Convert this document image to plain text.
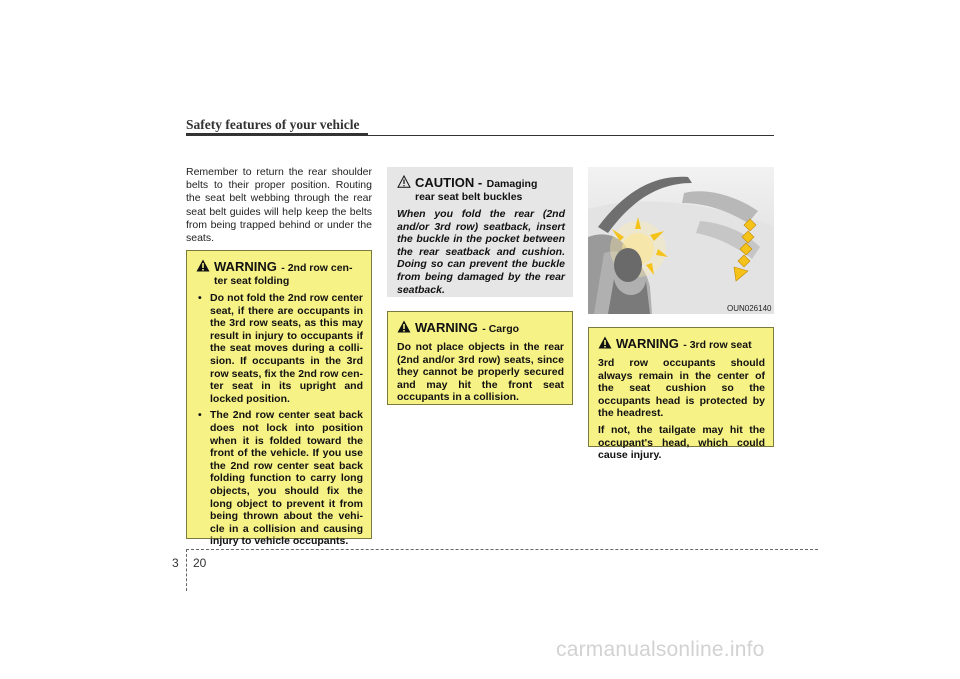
Safety features of your vehicle
Remember to return the rear shoulder belts to their proper position. Routing the seat belt webbing through the rear seat belt guides will help keep the belts from being trapped behind or under the seats.
WARNING - 2nd row cen-
ter seat folding
• Do not fold the 2nd row center seat, if there are occupants in the 3rd row seats, as this may result in injury to occupants if the seat moves during a colli-sion. If occupants in the 3rd row seats, fix the 2nd row cen-ter seat in its upright and locked position.
• The 2nd row center seat back does not lock into position when it is folded toward the front of the vehicle. If you use the 2nd row center seat back folding function to carry long objects, you should fix the long object to prevent it from being thrown about the vehi-cle in a collision and causing injury to vehicle occupants.
CAUTION - Damaging
rear seat belt buckles
When you fold the rear (2nd and/or 3rd row) seatback, insert the buckle in the pocket between the rear seatback and cushion. Doing so can prevent the buckle from being damaged by the rear seatback.
WARNING - Cargo
Do not place objects in the rear (2nd and/or 3rd row) seats, since they cannot be properly secured and may hit the front seat occupants in a collision.
OUN026140
WARNING - 3rd row seat
3rd row occupants should always remain in the center of the seat cushion so the occupants head is protected by the headrest.
If not, the tailgate may hit the occupant's head, which could cause injury.
3 20
carmanualsonline.info
